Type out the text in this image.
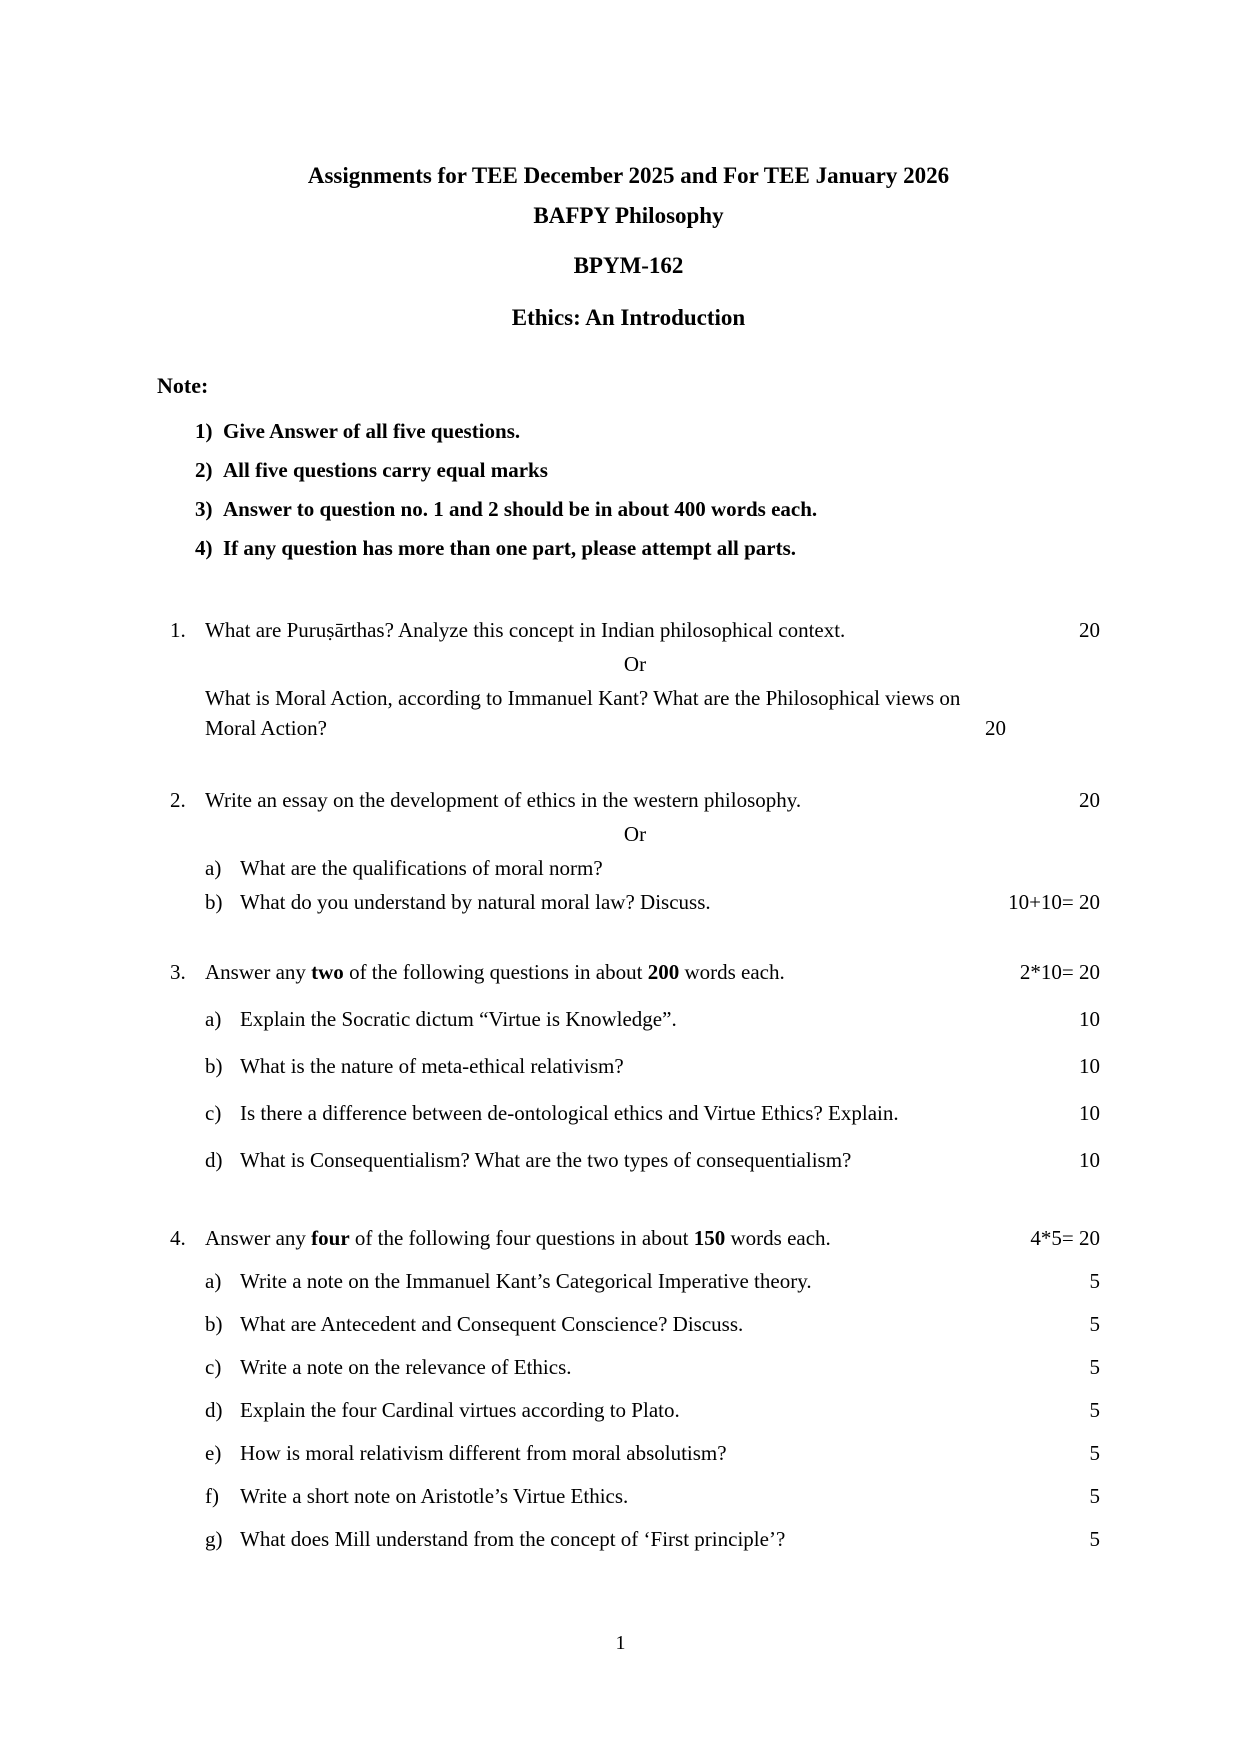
Assignments for TEE December 2025 and For TEE January 2026
BAFPY Philosophy
BPYM-162
Ethics: An Introduction
Note:
1) Give Answer of all five questions.
2) All five questions carry equal marks
3) Answer to question no. 1 and 2 should be in about 400 words each.
4) If any question has more than one part, please attempt all parts.
1. What are Puruṣārthas? Analyze this concept in Indian philosophical context.	20
Or
What is Moral Action, according to Immanuel Kant? What are the Philosophical views on Moral Action?	20
2. Write an essay on the development of ethics in the western philosophy.	20
Or
a) What are the qualifications of moral norm?
b) What do you understand by natural moral law? Discuss.	10+10= 20
3. Answer any two of the following questions in about 200 words each.	2*10= 20
a) Explain the Socratic dictum “Virtue is Knowledge”.	10
b) What is the nature of meta-ethical relativism?	10
c) Is there a difference between de-ontological ethics and Virtue Ethics? Explain.	10
d) What is Consequentialism? What are the two types of consequentialism?	10
4. Answer any four of the following four questions in about 150 words each.	4*5= 20
a) Write a note on the Immanuel Kant’s Categorical Imperative theory.	5
b) What are Antecedent and Consequent Conscience? Discuss.	5
c) Write a note on the relevance of Ethics.	5
d) Explain the four Cardinal virtues according to Plato.	5
e) How is moral relativism different from moral absolutism?	5
f)	Write a short note on Aristotle’s Virtue Ethics.	5
g) What does Mill understand from the concept of ‘First principle’?	5
1
